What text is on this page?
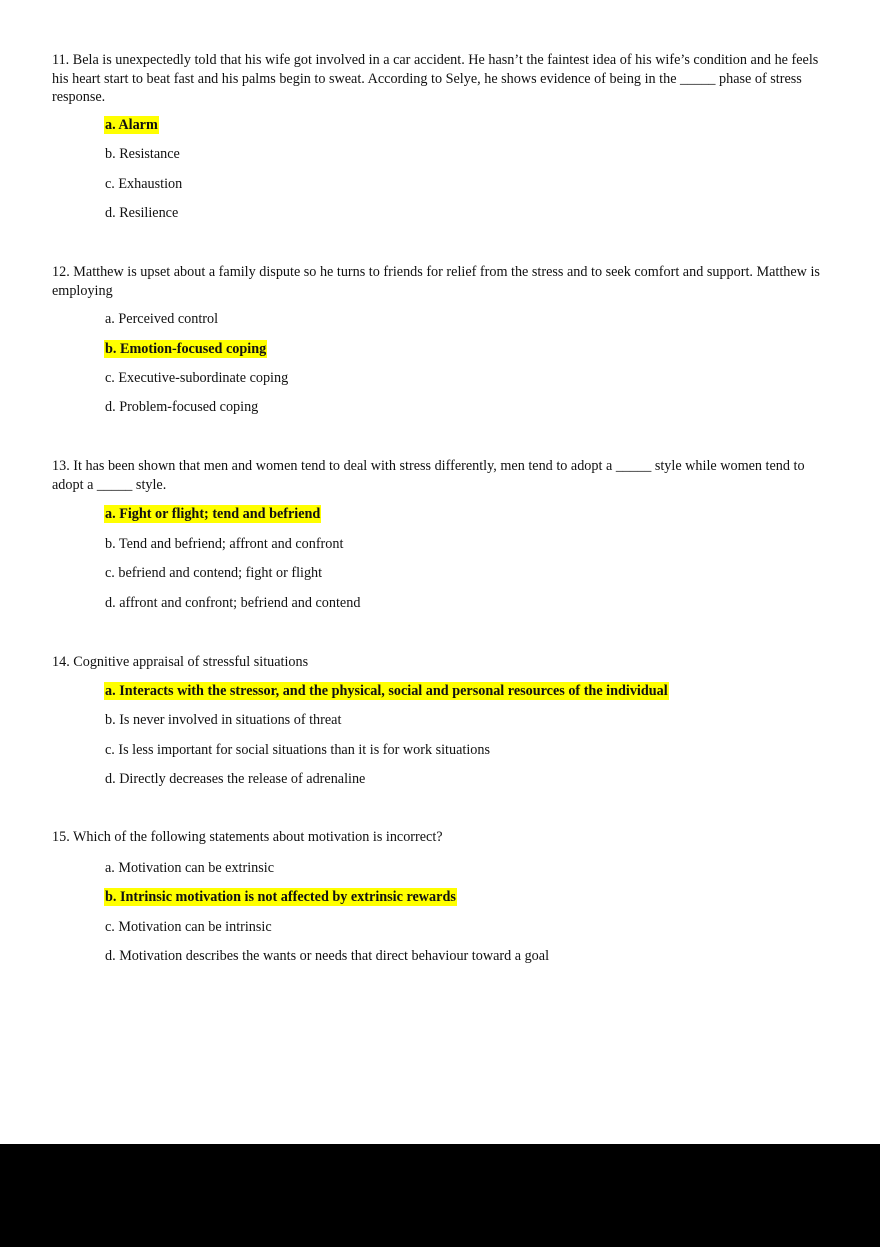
11. Bela is unexpectedly told that his wife got involved in a car accident. He hasn’t the faintest idea of his wife’s condition and he feels his heart start to beat fast and his palms begin to sweat. According to Selye, he shows evidence of being in the _____ phase of stress response.

a. Alarm
b. Resistance
c. Exhaustion
d. Resilience

12. Matthew is upset about a family dispute so he turns to friends for relief from the stress and to seek comfort and support. Matthew is employing

a. Perceived control
b. Emotion-focused coping
c. Executive-subordinate coping
d. Problem-focused coping

13. It has been shown that men and women tend to deal with stress differently, men tend to adopt a _____ style while women tend to adopt a _____ style.

a. Fight or flight; tend and befriend
b. Tend and befriend; affront and confront
c. befriend and contend; fight or flight
d. affront and confront; befriend and contend

14. Cognitive appraisal of stressful situations

a. Interacts with the stressor, and the physical, social and personal resources of the individual
b. Is never involved in situations of threat
c. Is less important for social situations than it is for work situations
d. Directly decreases the release of adrenaline

15. Which of the following statements about motivation is incorrect?

a. Motivation can be extrinsic
b. Intrinsic motivation is not affected by extrinsic rewards
c. Motivation can be intrinsic
d. Motivation describes the wants or needs that direct behaviour toward a goal
